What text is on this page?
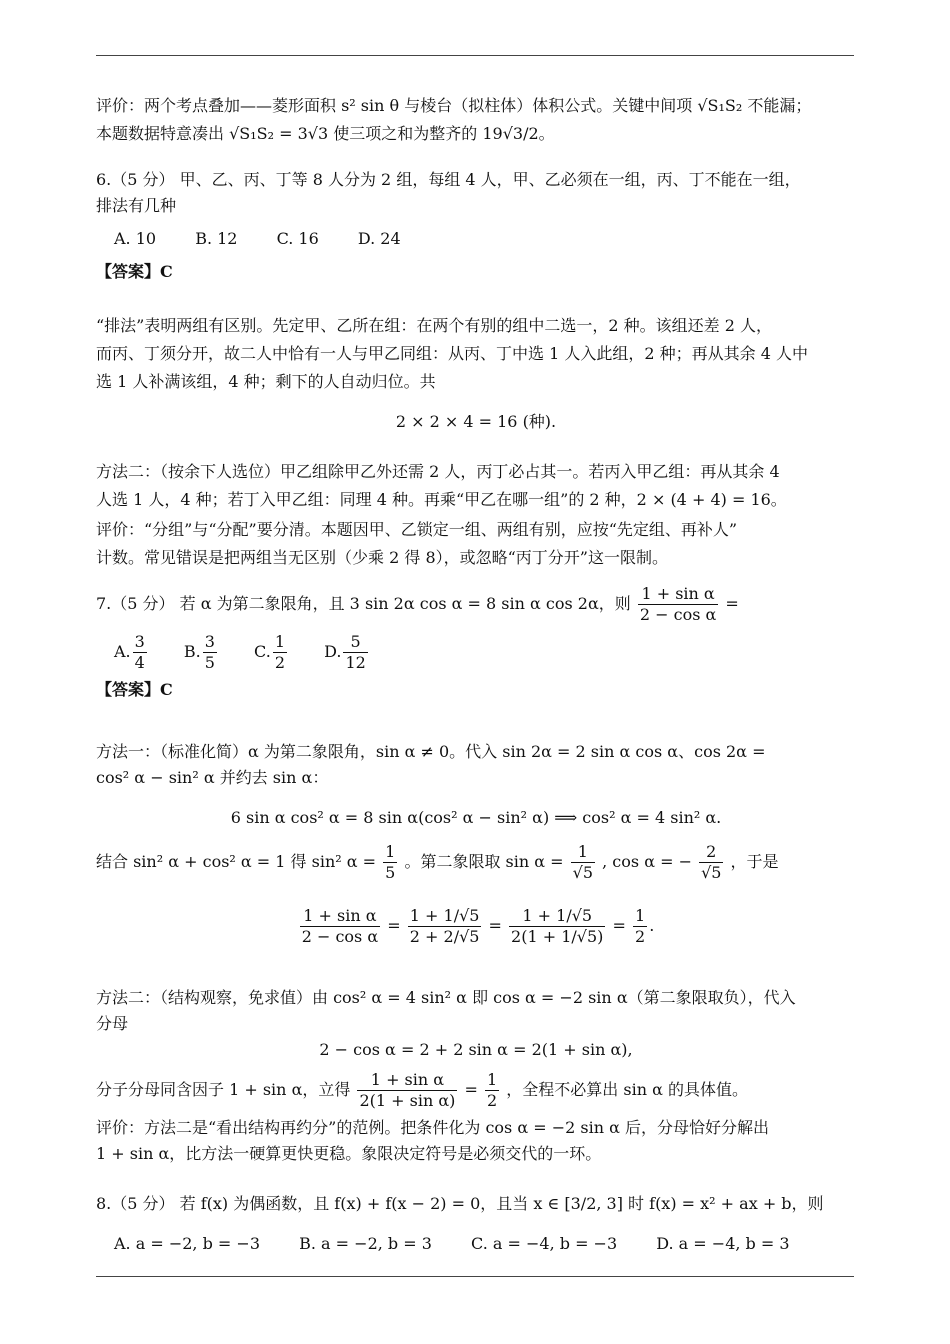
评价：两个考点叠加——菱形面积 s² sin θ 与棱台（拟柱体）体积公式。关键中间项 √S₁S₂ 不能漏；
本题数据特意凑出 √S₁S₂ = 3√3 使三项之和为整齐的 19√3/2。
6.（5 分） 甲、乙、丙、丁等 8 人分为 2 组，每组 4 人，甲、乙必须在一组，丙、丁不能在一组，
排法有几种
A. 10 B. 12 C. 16 D. 24
【答案】C
“排法”表明两组有区别。先定甲、乙所在组：在两个有别的组中二选一，2 种。该组还差 2 人，
而丙、丁须分开，故二人中恰有一人与甲乙同组：从丙、丁中选 1 人入此组，2 种；再从其余 4 人中
选 1 人补满该组，4 种；剩下的人自动归位。共
2 × 2 × 4 = 16 (种).
方法二：（按余下人选位）甲乙组除甲乙外还需 2 人，丙丁必占其一。若丙入甲乙组：再从其余 4
人选 1 人，4 种；若丁入甲乙组：同理 4 种。再乘“甲乙在哪一组”的 2 种，2 × (4 + 4) = 16。
评价：“分组”与“分配”要分清。本题因甲、乙锁定一组、两组有别，应按“先定组、再补人”
计数。常见错误是把两组当无区别（少乘 2 得 8），或忽略“丙丁分开”这一限制。
7.（5 分） 若 α 为第二象限角，且 3 sin 2α cos α = 8 sin α cos 2α，则 $\frac{\text{1 + sin α}}{\text{2 − cos α}}$ =
A. $\frac{3}{4} B$. $\frac{3}{5} C$. $\frac{1}{2} D$. $\frac{5}{12}$
【答案】C
方法一：（标准化简）α 为第二象限角，sin α ≠ 0。代入 sin 2α = 2 sin α cos α、cos 2α =
cos² α − sin² α 并约去 sin α：
6 sin α cos² α = 8 sin α(cos² α − sin² α) ⟹ cos² α = 4 sin² α.
结合 sin² α + cos² α = 1 得 sin² $\alpha = \frac{1}{5}$ 。第二象限取 $\sin \alpha = \frac{1}{√5}$ , cos α = − $\frac{2}{√5}$ ，于是
$\frac{\text{1 + sin α}}{\text{2 − cos α}} = \frac{1 + 1/√5}{2 + 2/√5} = \frac{1 + 1/√5}{2(1 + 1/√5)} = \frac{1}{2}$ .
方法二：（结构观察，免求值）由 cos² α = 4 sin² α 即 cos α = −2 sin α（第二象限取负），代入
分母
2 − cos α = 2 + 2 sin α = 2(1 + sin α),
分子分母同含因子 1 + sin α，立得 $\frac{\text{1 + sin α}}{\text{2(1 + sin α)}} = \frac{1}{2}$ ，全程不必算出 sin α 的具体值。
评价：方法二是“看出结构再约分”的范例。把条件化为 cos α = −2 sin α 后，分母恰好分解出
1 + sin α，比方法一硬算更快更稳。象限决定符号是必须交代的一环。
8.（5 分） 若 f(x) 为偶函数，且 f(x) + f(x − 2) = 0，且当 x ∈ [3/2, 3] 时 f(x) = x² + ax + b，则
A. a = −2, b = −3 B. a = −2, b = 3 C. a = −4, b = −3 D. a = −4, b = 3
